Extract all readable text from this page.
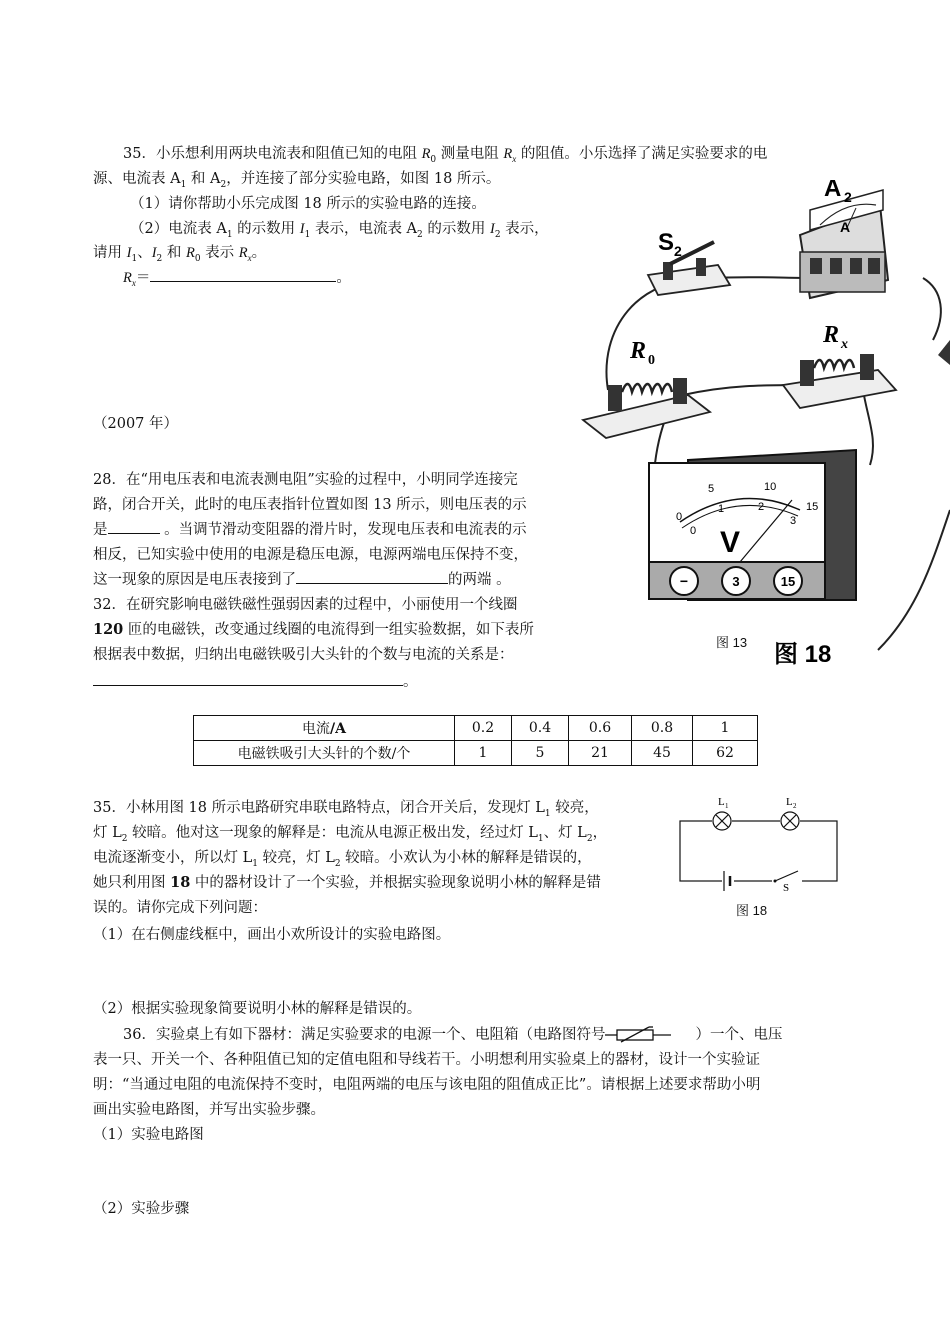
35．小乐想利用两块电流表和阻值已知的电阻 $R_0$ 测量电阻 $R_x$ 的阻值。小乐选择了满足实验要求的电
源、电流表 $A_1$ 和 $A_2$，并连接了部分实验电路，如图 18 所示。
（1）请你帮助小乐完成图 18 所示的实验电路的连接。
（2）电流表 $A_1$ 的示数用 $I_1$ 表示，电流表 $A_2$ 的示数用 $I_2$ 表示，
请用 $I_1$、$I_2$ 和 $R_0$ 表示 $R_x$。
$R_x=$	。
（2007 年）
28．在“用电压表和电流表测电阻”实验的过程中，小明同学连接完
路，闭合开关，此时的电压表指针位置如图 13 所示，则电压表的示
是	。当调节滑动变阻器的滑片时，发现电压表和电流表的示
相反，已知实验中使用的电源是稳压电源，电源两端电压保持不变，
这一现象的原因是电压表接到了	的两端 。
32．在研究影响电磁铁磁性强弱因素的过程中，小丽使用一个线圈
120 匝的电磁铁，改变通过线圈的电流得到一组实验数据，如下表所
根据表中数据，归纳出电磁铁吸引大头针的个数与电流的关系是：
。
电流/A	0.2	0.4	0.6	0.8	1
电磁铁吸引大头针的个数/个	1	5	21	45	62
35．小林用图 18 所示电路研究串联电路特点，闭合开关后，发现灯 $L_1$ 较亮，
灯 $L_2$ 较暗。他对这一现象的解释是：电流从电源正极出发，经过灯 $L_1$、灯 $L_2$，
电流逐渐变小，所以灯 $L_1$ 较亮，灯 $L_2$ 较暗。小欢认为小林的解释是错误的，
她只利用图 18 中的器材设计了一个实验，并根据实验现象说明小林的解释是错
误的。请你完成下列问题：
（1）在右侧虚线框中，画出小欢所设计的实验电路图。
（2）根据实验现象简要说明小林的解释是错误的。
36．实验桌上有如下器材：满足实验要求的电源一个、电阻箱（电路图符号	）一个、电压
表一只、开关一个、各种阻值已知的定值电阻和导线若干。小明想利用实验桌上的器材，设计一个实验证
明：“当通过电阻的电流保持不变时，电阻两端的电压与该电阻的阻值成正比”。请根据上述要求帮助小明
画出实验电路图，并写出实验步骤。
（1）实验电路图
（2）实验步骤
A
A 2
S 2
R 0
R x
图 18
0
5	10
15
0
1	2
3
V
−	3	15
图 13
L 1	L 2
S
图 18
